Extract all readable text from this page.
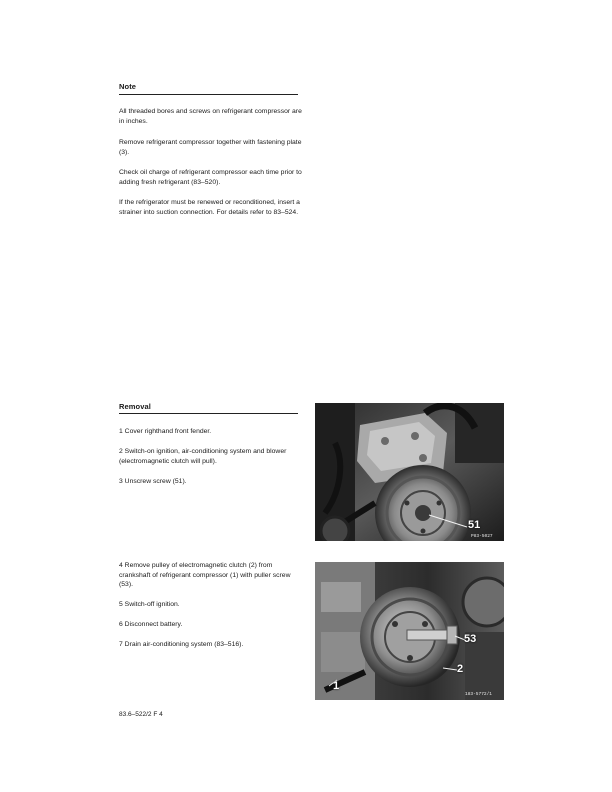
Note

All threaded bores and screws on refrigerant compressor are in inches.

Remove refrigerant compressor together with fastening plate (3).

Check oil charge of refrigerant compressor each time prior to adding fresh refrigerant (83–520).

If the refrigerator must be renewed or reconditioned, insert a strainer into suction connection. For details refer to 83–524.

Removal

1 Cover righthand front fender.

2 Switch-on ignition, air-conditioning system and blower (electromagnetic clutch will pull).

3 Unscrew screw (51).

4 Remove pulley of electromagnetic clutch (2) from crankshaft of refrigerant compressor (1) with puller screw (53).

5 Switch-off ignition.

6 Disconnect battery.

7 Drain air-conditioning system (83–516).

51
P83-5027
53
2
1
183-5772/1
83.6–522/2 F 4
